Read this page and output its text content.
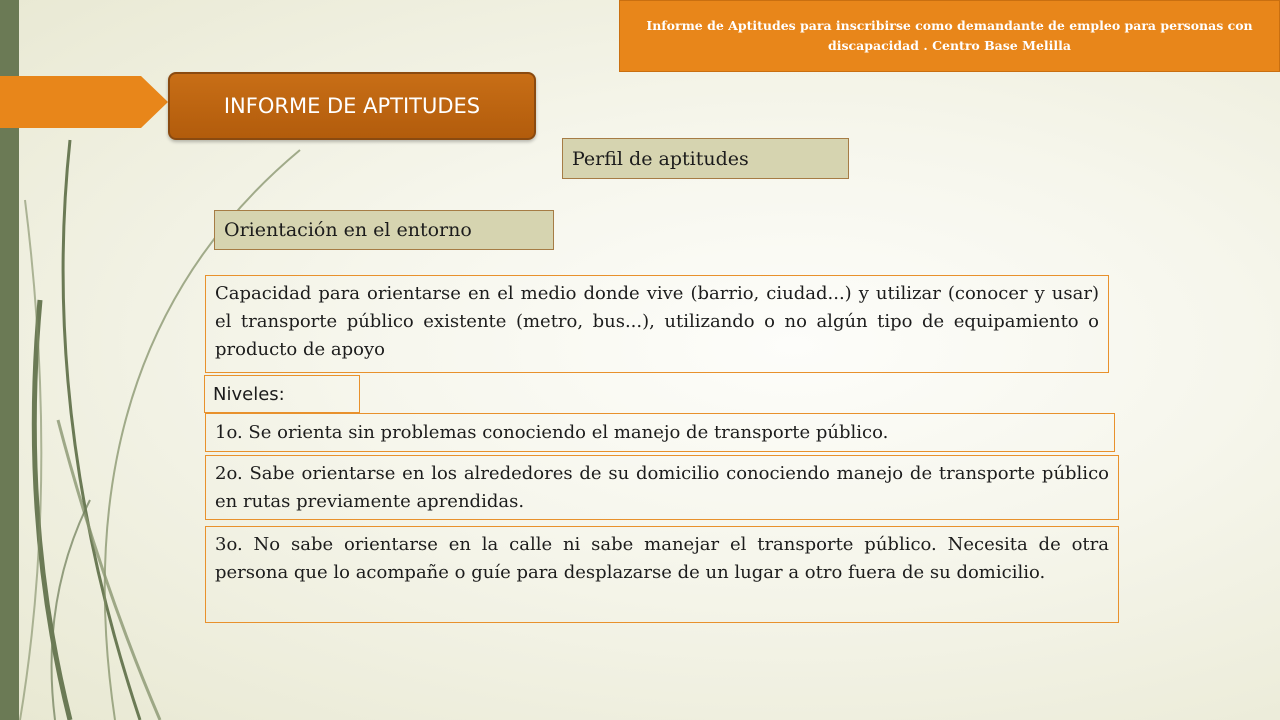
Informe de Aptitudes para inscribirse como demandante de empleo para personas con discapacidad . Centro Base Melilla
INFORME DE APTITUDES
Perfil de aptitudes
Orientación en el entorno
Capacidad para orientarse en el medio donde vive (barrio, ciudad...) y utilizar (conocer y usar) el transporte público existente (metro, bus...), utilizando o no algún tipo de equipamiento o producto de apoyo
Niveles:
1o. Se orienta sin problemas conociendo el manejo de transporte público.
2o. Sabe orientarse en los alrededores de su domicilio conociendo manejo de transporte público en rutas previamente aprendidas.
3o. No sabe orientarse en la calle ni sabe manejar el transporte público. Necesita de otra persona que lo acompañe o guíe para desplazarse de un lugar a otro fuera de su domicilio.
